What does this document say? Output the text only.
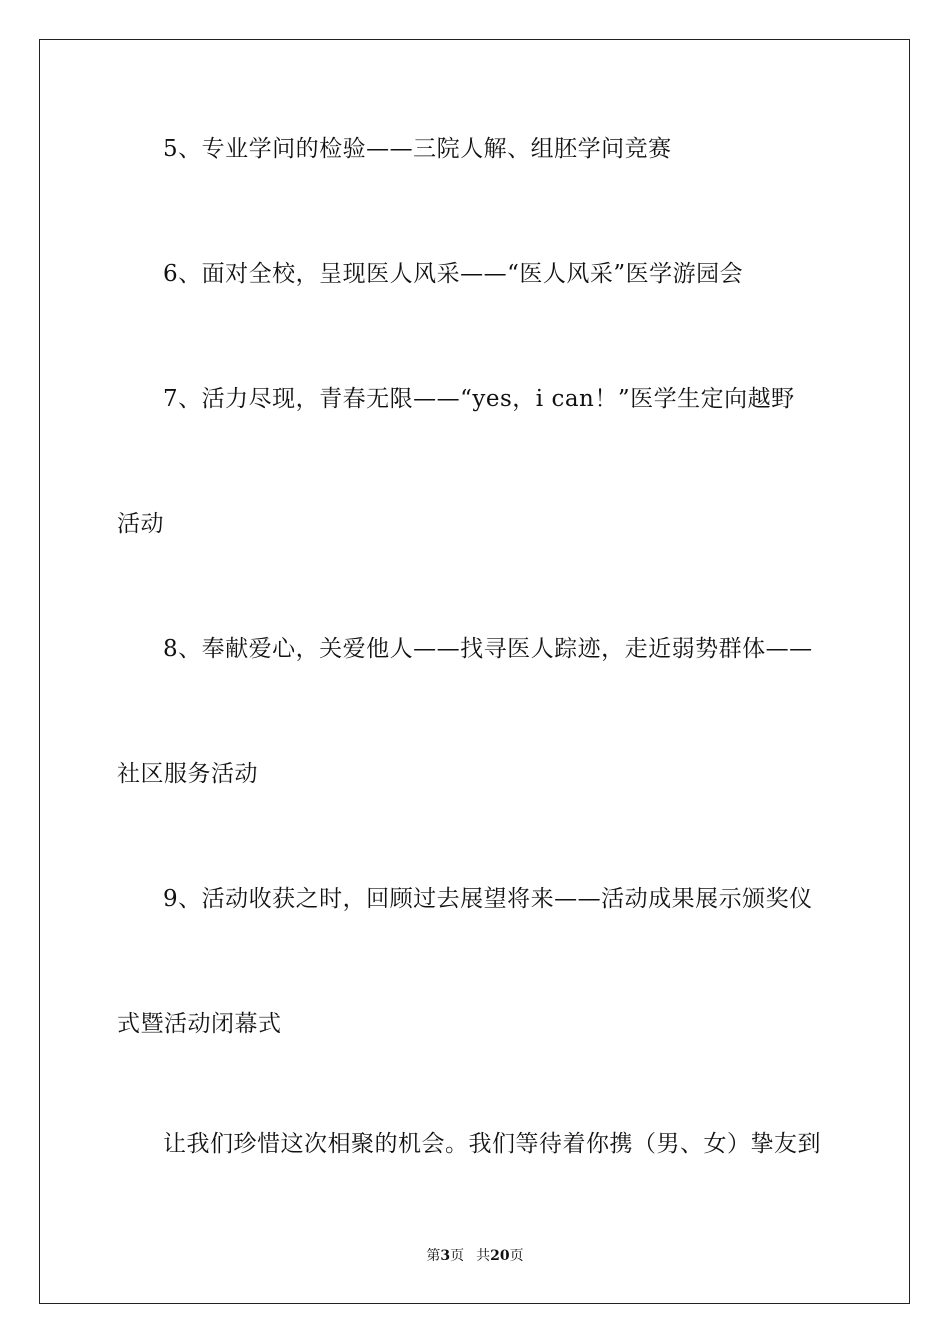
5、专业学问的检验——三院人解、组胚学问竞赛
6、面对全校，呈现医人风采——“医人风采”医学游园会
7、活力尽现，青春无限——“yes，i can！”医学生定向越野
活动
8、奉献爱心，关爱他人——找寻医人踪迹，走近弱势群体——
社区服务活动
9、活动收获之时，回顾过去展望将来——活动成果展示颁奖仪
式暨活动闭幕式
让我们珍惜这次相聚的机会。我们等待着你携（男、女）挚友到
第3页 共20页
